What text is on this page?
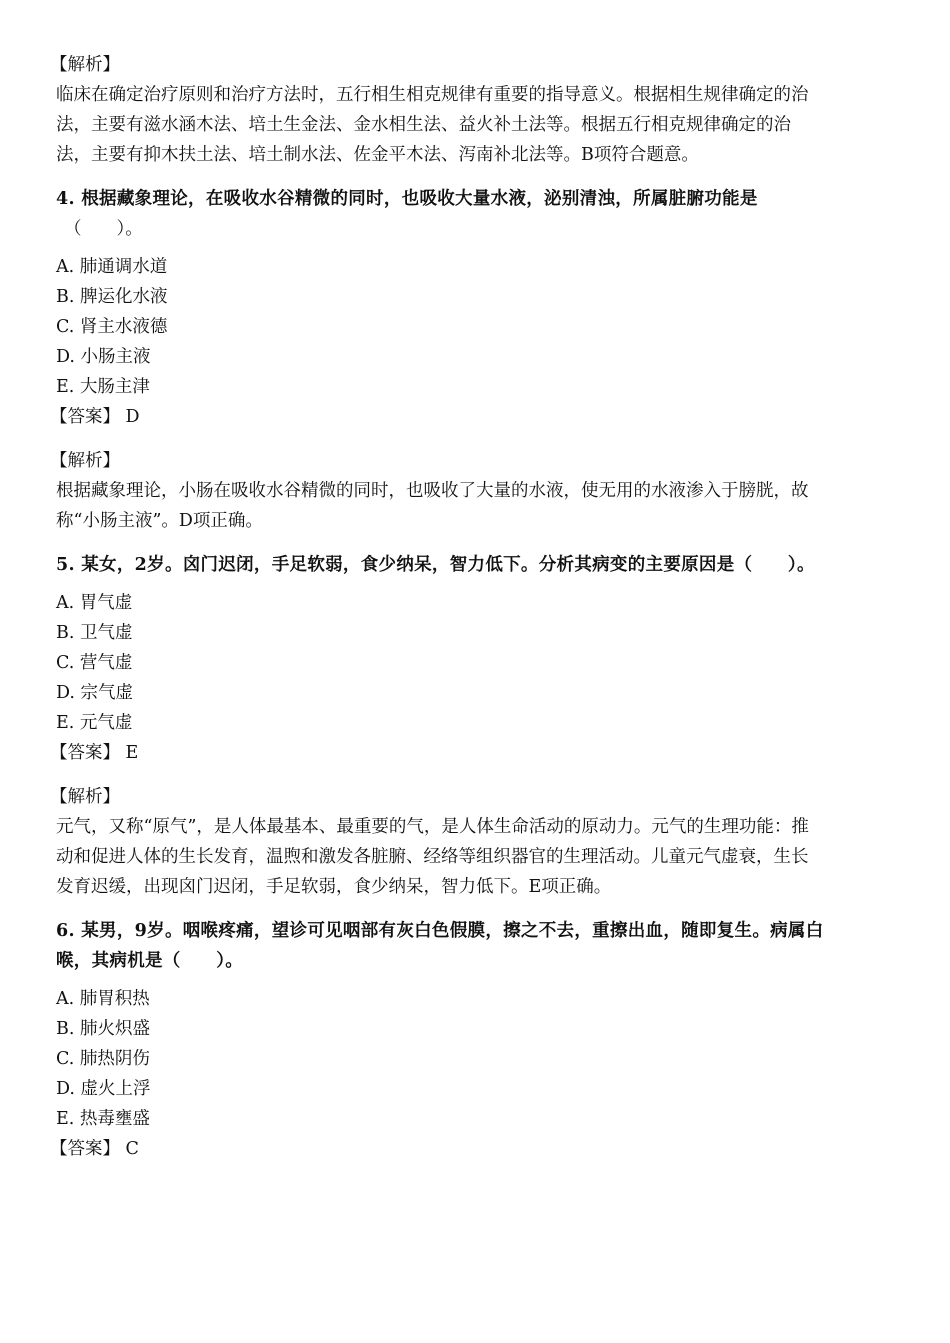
【解析】
临床在确定治疗原则和治疗方法时，五行相生相克规律有重要的指导意义。根据相生规律确定的治
法，主要有滋水涵木法、培土生金法、金水相生法、益火补土法等。根据五行相克规律确定的治
法，主要有抑木扶土法、培土制水法、佐金平木法、泻南补北法等。B项符合题意。
4. 根据藏象理论，在吸收水谷精微的同时，也吸收大量水液，泌别清浊，所属脏腑功能是
（　　）。
A. 肺通调水道
B. 脾运化水液
C. 肾主水液德
D. 小肠主液
E. 大肠主津
【答案】 D
【解析】
根据藏象理论，小肠在吸收水谷精微的同时，也吸收了大量的水液，使无用的水液渗入于膀胱，故
称“小肠主液”。D项正确。
5. 某女，2岁。囟门迟闭，手足软弱，食少纳呆，智力低下。分析其病变的主要原因是（　　）。
A. 胃气虚
B. 卫气虚
C. 营气虚
D. 宗气虚
E. 元气虚
【答案】 E
【解析】
元气，又称“原气”，是人体最基本、最重要的气，是人体生命活动的原动力。元气的生理功能：推
动和促进人体的生长发育，温煦和激发各脏腑、经络等组织器官的生理活动。儿童元气虚衰，生长
发育迟缓，出现囟门迟闭，手足软弱，食少纳呆，智力低下。E项正确。
6. 某男，9岁。咽喉疼痛，望诊可见咽部有灰白色假膜，擦之不去，重擦出血，随即复生。病属白
喉，其病机是（　　）。
A. 肺胃积热
B. 肺火炽盛
C. 肺热阴伤
D. 虚火上浮
E. 热毒壅盛
【答案】 C
